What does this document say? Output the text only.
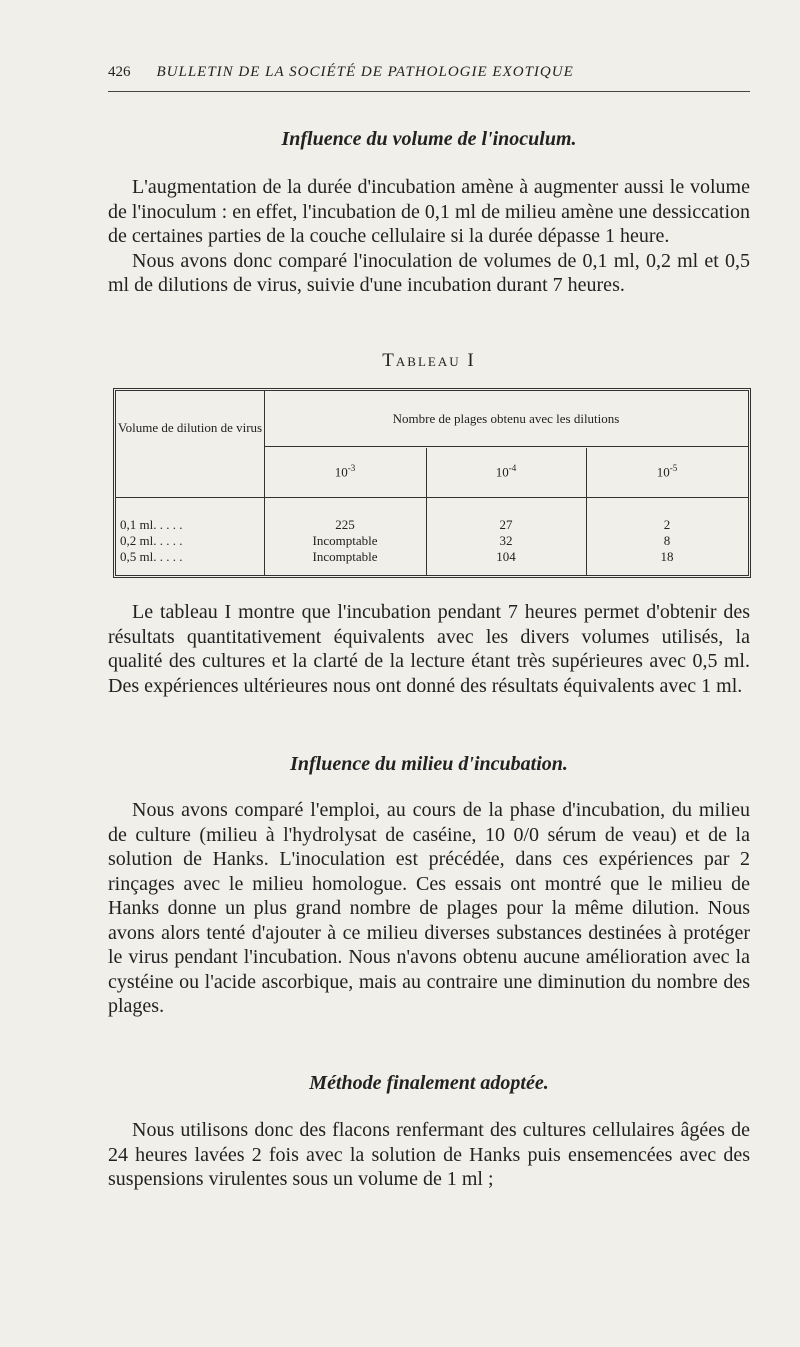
426 BULLETIN DE LA SOCIÉTÉ DE PATHOLOGIE EXOTIQUE
Influence du volume de l'inoculum.

L'augmentation de la durée d'incubation amène à augmenter aussi le volume de l'inoculum : en effet, l'incubation de 0,1 ml de milieu amène une dessiccation de certaines parties de la couche cellulaire si la durée dépasse 1 heure.

Nous avons donc comparé l'inoculation de volumes de 0,1 ml, 0,2 ml et 0,5 ml de dilutions de virus, suivie d'une incubation durant 7 heures.

Tableau I
Volume de dilution de virus
Nombre de plages obtenu avec les dilutions
$10^{-3}$	$10^{-4}$	$10^{-5}$
0,1 ml. . . . .	225	27	2
0,2 ml. . . . .	Incomptable	32	8
0,5 ml. . . . .	Incomptable	104	18

Le tableau I montre que l'incubation pendant 7 heures permet d'obtenir des résultats quantitativement équivalents avec les divers volumes utilisés, la qualité des cultures et la clarté de la lecture étant très supérieures avec 0,5 ml. Des expériences ultérieures nous ont donné des résultats équivalents avec 1 ml.

Influence du milieu d'incubation.

Nous avons comparé l'emploi, au cours de la phase d'incubation, du milieu de culture (milieu à l'hydrolysat de caséine, 10 0/0 sérum de veau) et de la solution de Hanks. L'inoculation est précédée, dans ces expériences par 2 rinçages avec le milieu homologue. Ces essais ont montré que le milieu de Hanks donne un plus grand nombre de plages pour la même dilution. Nous avons alors tenté d'ajouter à ce milieu diverses substances destinées à protéger le virus pendant l'incubation. Nous n'avons obtenu aucune amélioration avec la cystéine ou l'acide ascorbique, mais au contraire une diminution du nombre des plages.

Méthode finalement adoptée.

Nous utilisons donc des flacons renfermant des cultures cellulaires âgées de 24 heures lavées 2 fois avec la solution de Hanks puis ensemencées avec des suspensions virulentes sous un volume de 1 ml ;
